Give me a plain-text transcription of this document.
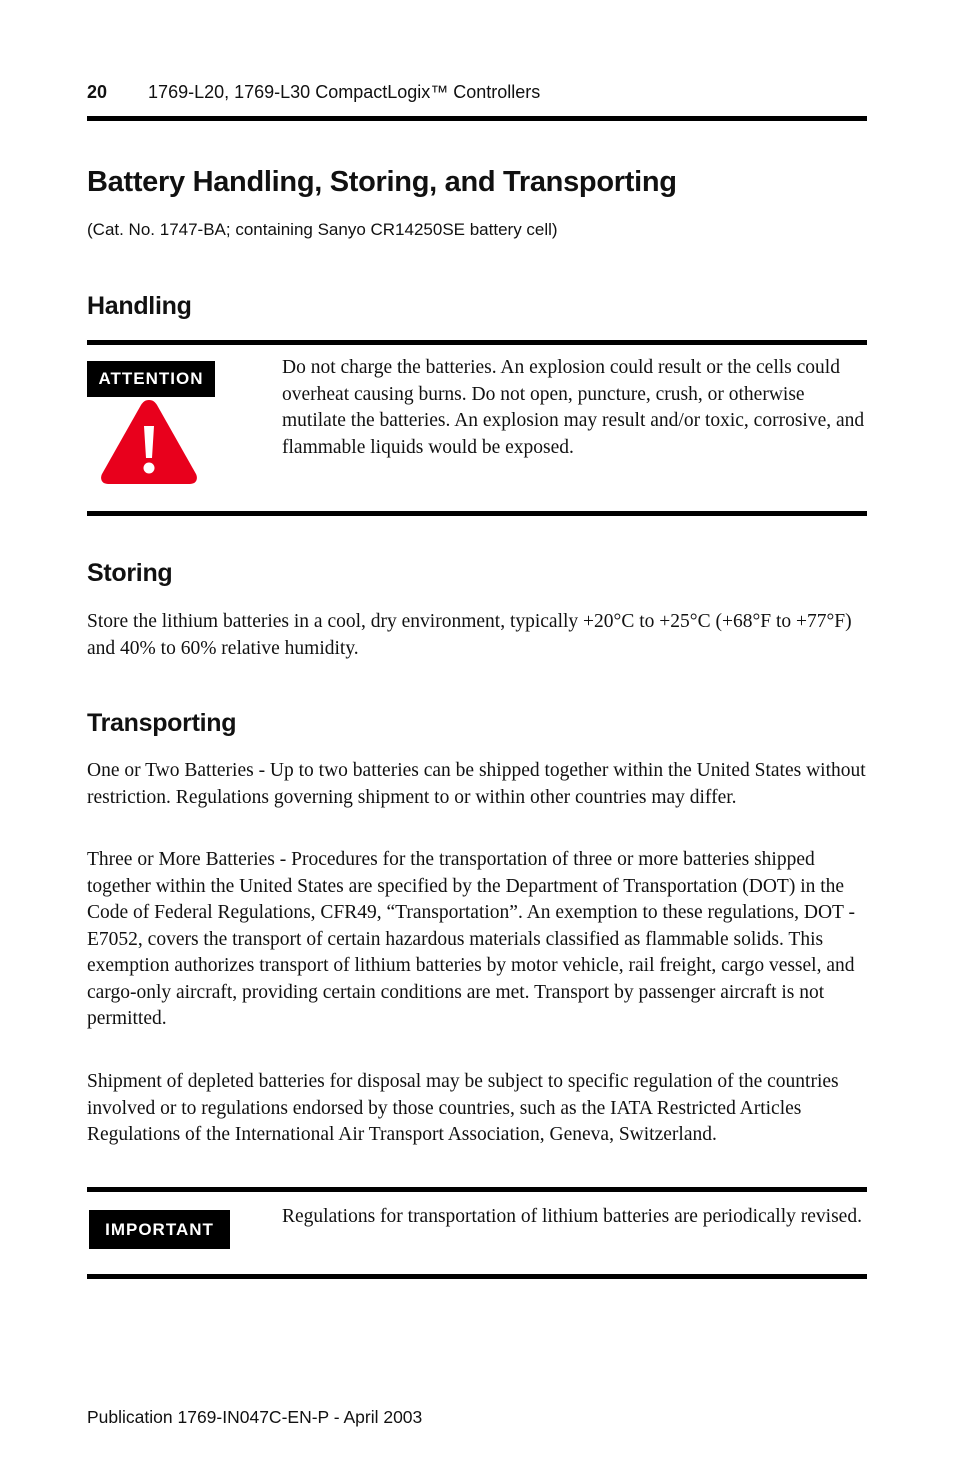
20 1769-L20, 1769-L30 CompactLogix™ Controllers
Battery Handling, Storing, and Transporting
(Cat. No. 1747-BA; containing Sanyo CR14250SE battery cell)
Handling
ATTENTION

Do not charge the batteries. An explosion could result or the cells could overheat causing burns. Do not open, puncture, crush, or otherwise mutilate the batteries. An explosion may result and/or toxic, corrosive, and flammable liquids would be exposed.

Storing

Store the lithium batteries in a cool, dry environment, typically +20°C to +25°C (+68°F to +77°F) and 40% to 60% relative humidity.

Transporting

One or Two Batteries - Up to two batteries can be shipped together within the United States without restriction. Regulations governing shipment to or within other countries may differ.

Three or More Batteries - Procedures for the transportation of three or more batteries shipped together within the United States are specified by the Department of Transportation (DOT) in the Code of Federal Regulations, CFR49, “Transportation”. An exemption to these regulations, DOT - E7052, covers the transport of certain hazardous materials classified as flammable solids. This exemption authorizes transport of lithium batteries by motor vehicle, rail freight, cargo vessel, and cargo-only aircraft, providing certain conditions are met. Transport by passenger aircraft is not permitted.

Shipment of depleted batteries for disposal may be subject to specific regulation of the countries involved or to regulations endorsed by those countries, such as the IATA Restricted Articles Regulations of the International Air Transport Association, Geneva, Switzerland.

IMPORTANT

Regulations for transportation of lithium batteries are periodically revised.

Publication 1769-IN047C-EN-P - April 2003
